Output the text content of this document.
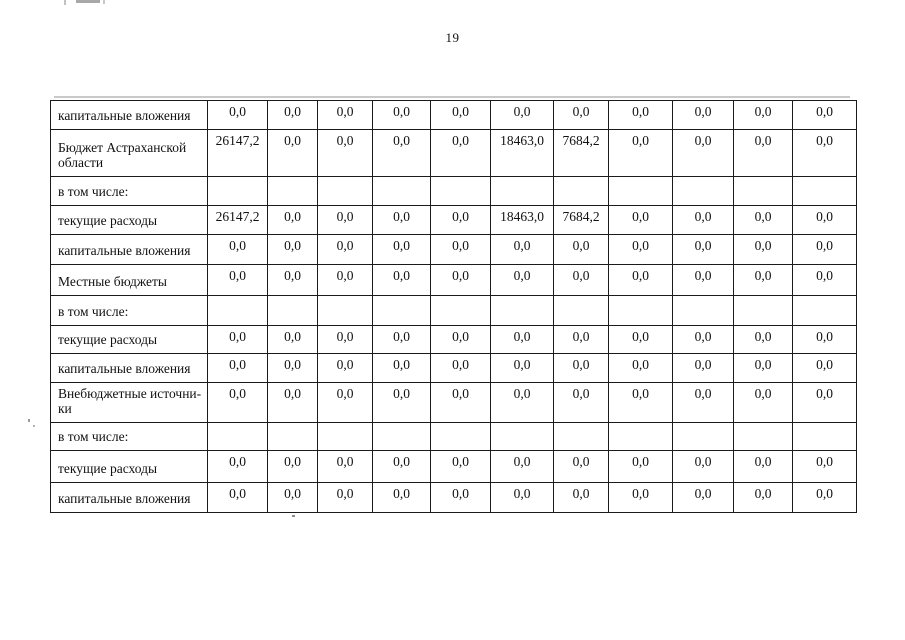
19
капитальные вложения	0,0	0,0	0,0	0,0	0,0	0,0	0,0	0,0	0,0	0,0	0,0
Бюджет Астраханской области	26147,2	0,0	0,0	0,0	0,0	18463,0	7684,2	0,0	0,0	0,0	0,0
в том числе:											
текущие расходы	26147,2	0,0	0,0	0,0	0,0	18463,0	7684,2	0,0	0,0	0,0	0,0
капитальные вложения	0,0	0,0	0,0	0,0	0,0	0,0	0,0	0,0	0,0	0,0	0,0
Местные бюджеты	0,0	0,0	0,0	0,0	0,0	0,0	0,0	0,0	0,0	0,0	0,0
в том числе:											
текущие расходы	0,0	0,0	0,0	0,0	0,0	0,0	0,0	0,0	0,0	0,0	0,0
капитальные вложения	0,0	0,0	0,0	0,0	0,0	0,0	0,0	0,0	0,0	0,0	0,0
Внебюджетные источни-ки	0,0	0,0	0,0	0,0	0,0	0,0	0,0	0,0	0,0	0,0	0,0
в том числе:											
текущие расходы	0,0	0,0	0,0	0,0	0,0	0,0	0,0	0,0	0,0	0,0	0,0
капитальные вложения	0,0	0,0	0,0	0,0	0,0	0,0	0,0	0,0	0,0	0,0	0,0
